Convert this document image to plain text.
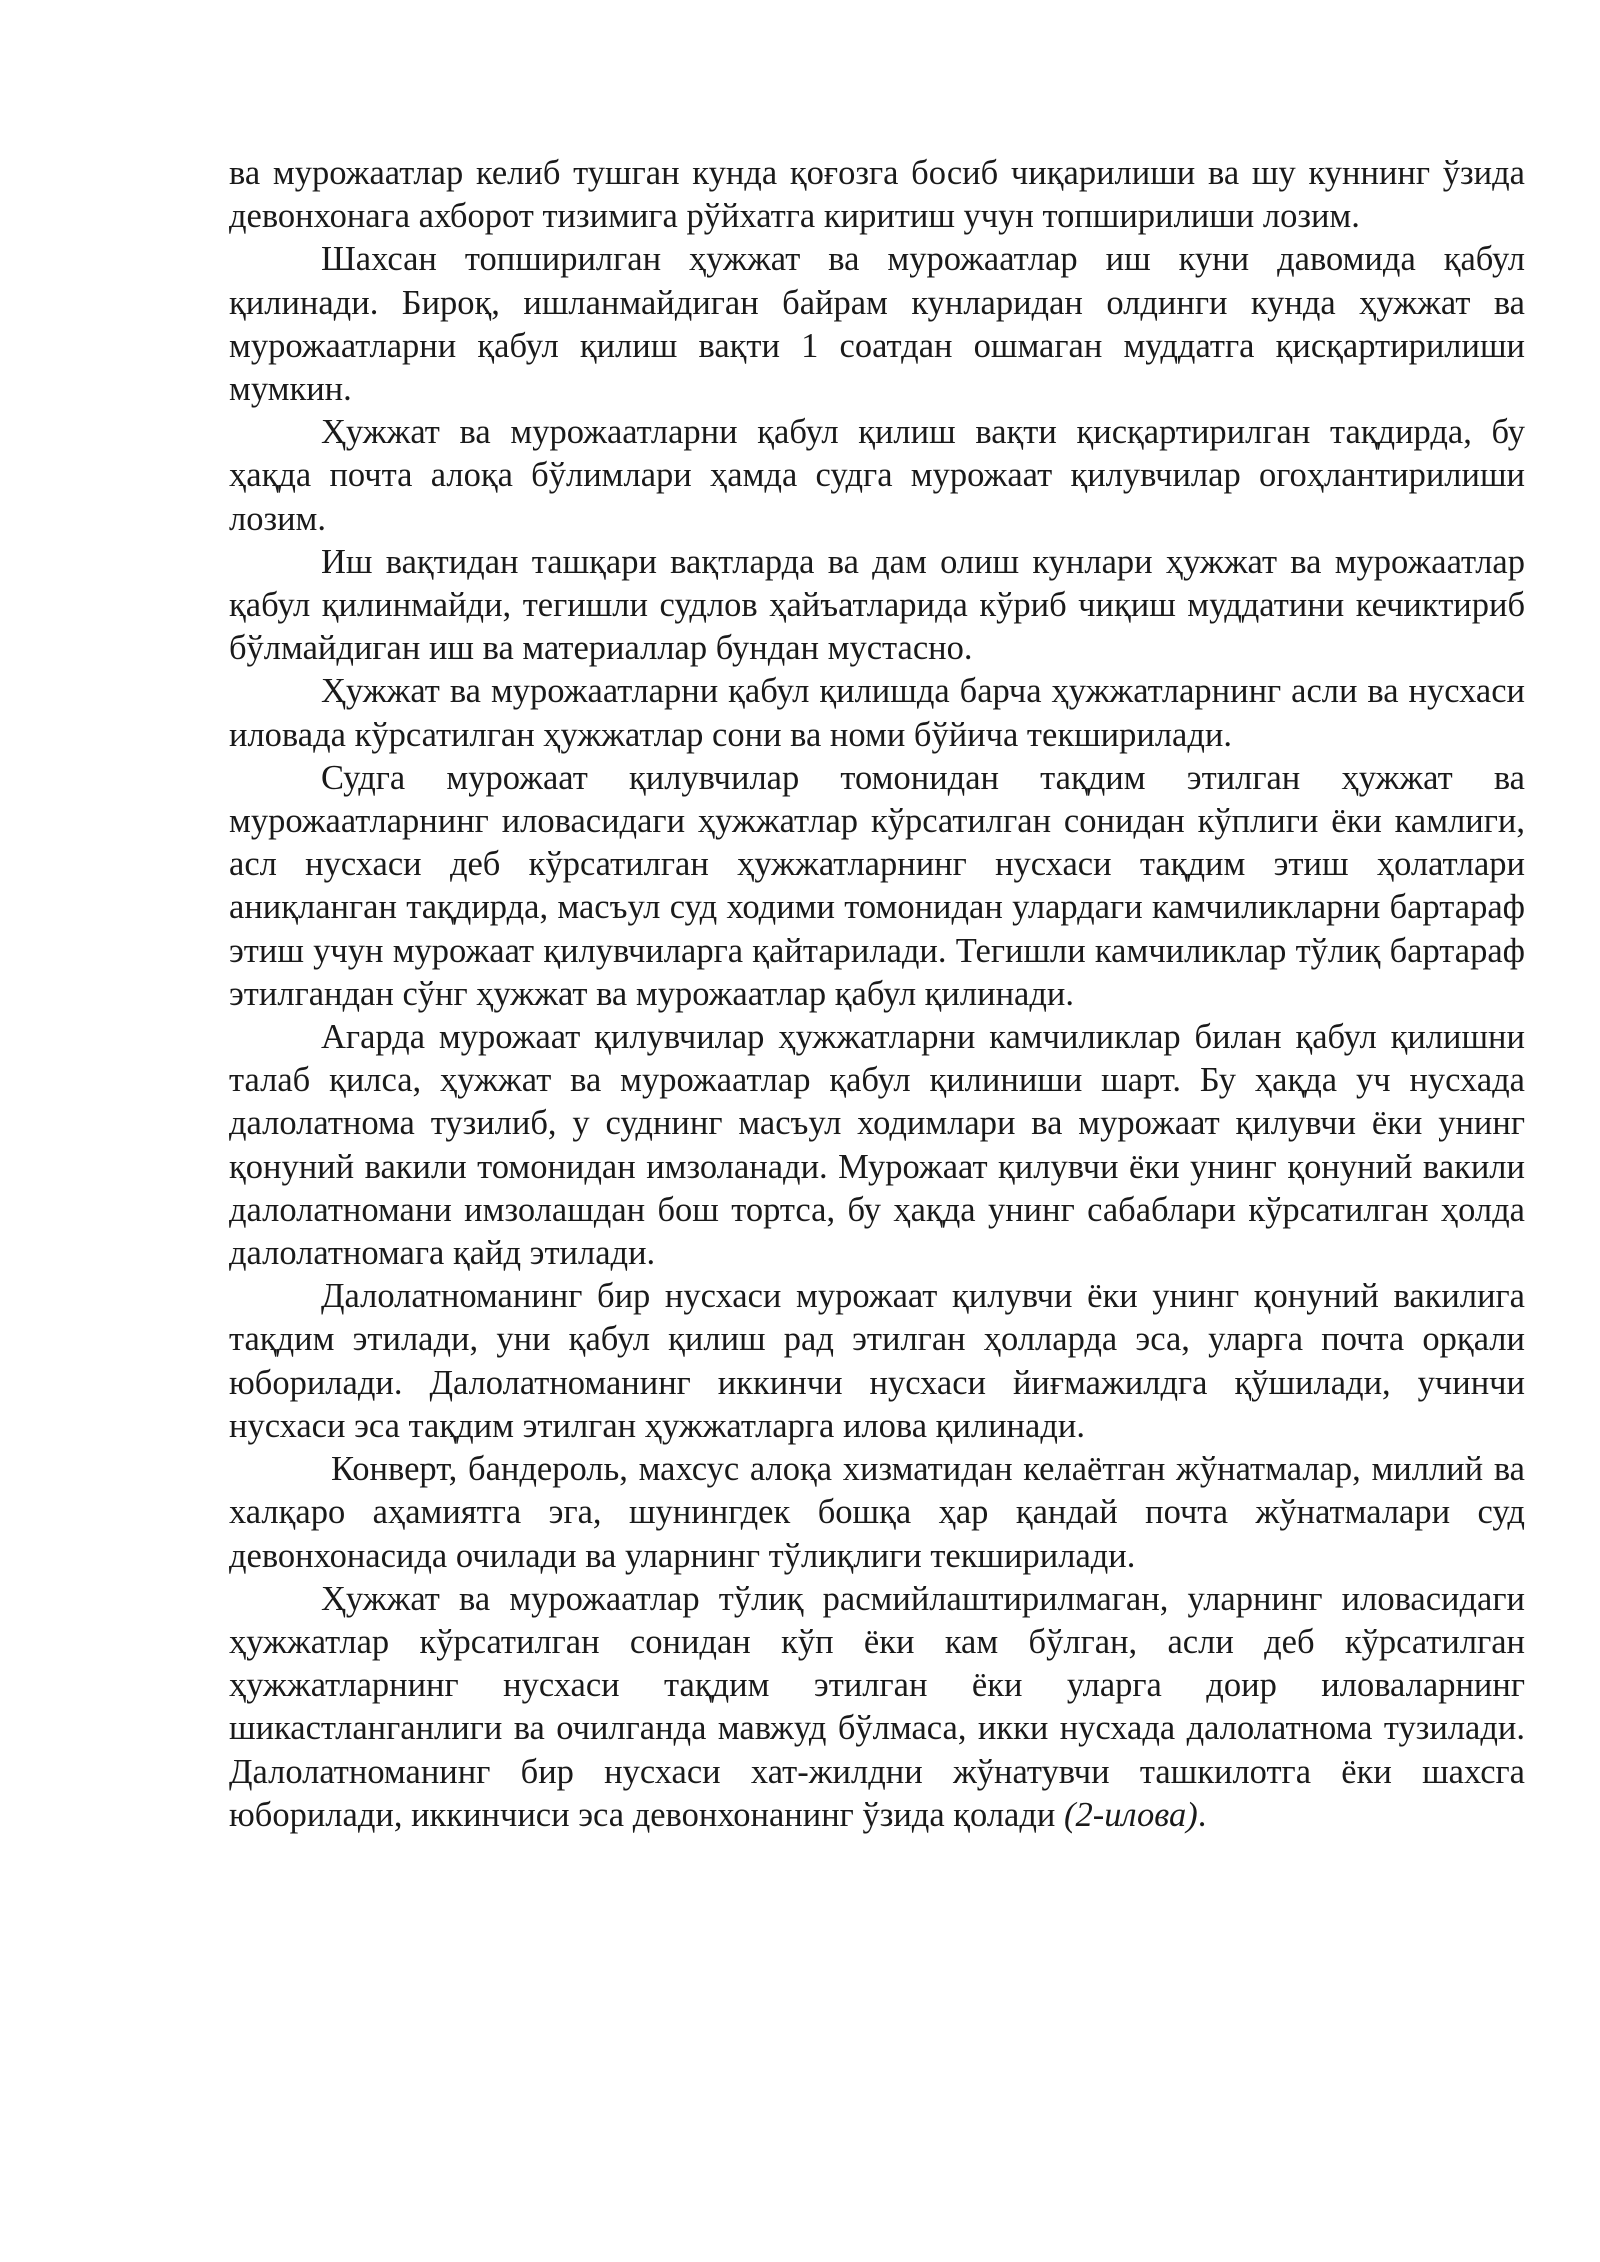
ва мурожаатлар келиб тушган кунда қоғозга босиб чиқарилиши ва шу куннинг ўзида девонхонага ахборот тизимига рўйхатга киритиш учун топширилиши лозим.

Шахсан топширилган ҳужжат ва мурожаатлар иш куни давомида қабул қилинади. Бироқ, ишланмайдиган байрам кунларидан олдинги кунда ҳужжат ва мурожаатларни қабул қилиш вақти 1 соатдан ошмаган муддатга қисқартирилиши мумкин.

Ҳужжат ва мурожаатларни қабул қилиш вақти қисқартирилган тақдирда, бу ҳақда почта алоқа бўлимлари ҳамда судга мурожаат қилувчилар огоҳлантирилиши лозим.

Иш вақтидан ташқари вақтларда ва дам олиш кунлари ҳужжат ва мурожаатлар қабул қилинмайди, тегишли судлов ҳайъатларида кўриб чиқиш муддатини кечиктириб бўлмайдиган иш ва материаллар бундан мустасно.

Ҳужжат ва мурожаатларни қабул қилишда барча ҳужжатларнинг асли ва нусхаси иловада кўрсатилган ҳужжатлар сони ва номи бўйича текширилади.

Судга мурожаат қилувчилар томонидан тақдим этилган ҳужжат ва мурожаатларнинг иловасидаги ҳужжатлар кўрсатилган сонидан кўплиги ёки камлиги, асл нусхаси деб кўрсатилган ҳужжатларнинг нусхаси тақдим этиш ҳолатлари аниқланган тақдирда, масъул суд ходими томонидан улардаги камчиликларни бартараф этиш учун мурожаат қилувчиларга қайтарилади. Тегишли камчиликлар тўлиқ бартараф этилгандан сўнг ҳужжат ва мурожаатлар қабул қилинади.

Агарда мурожаат қилувчилар ҳужжатларни камчиликлар билан қабул қилишни талаб қилса, ҳужжат ва мурожаатлар қабул қилиниши шарт. Бу ҳақда уч нусхада далолатнома тузилиб, у суднинг масъул ходимлари ва мурожаат қилувчи ёки унинг қонуний вакили томонидан имзоланади. Мурожаат қилувчи ёки унинг қонуний вакили далолатномани имзолашдан бош тортса, бу ҳақда унинг сабаблари кўрсатилган ҳолда далолатномага қайд этилади.

Далолатноманинг бир нусхаси мурожаат қилувчи ёки унинг қонуний вакилига тақдим этилади, уни қабул қилиш рад этилган ҳолларда эса, уларга почта орқали юборилади. Далолатноманинг иккинчи нусхаси йиғмажилдга қўшилади, учинчи нусхаси эса тақдим этилган ҳужжатларга илова қилинади.

Конверт, бандероль, махсус алоқа хизматидан келаётган жўнатмалар, миллий ва халқаро аҳамиятга эга, шунингдек бошқа ҳар қандай почта жўнатмалари суд девонхонасида очилади ва уларнинг тўлиқлиги текширилади.

Ҳужжат ва мурожаатлар тўлиқ расмийлаштирилмаган, уларнинг иловасидаги ҳужжатлар кўрсатилган сонидан кўп ёки кам бўлган, асли деб кўрсатилган ҳужжатларнинг нусхаси тақдим этилган ёки уларга доир иловаларнинг шикастланганлиги ва очилганда мавжуд бўлмаса, икки нусхада далолатнома тузилади. Далолатноманинг бир нусхаси хат-жилдни жўнатувчи ташкилотга ёки шахсга юборилади, иккинчиси эса девонхонанинг ўзида қолади (2-илова).
